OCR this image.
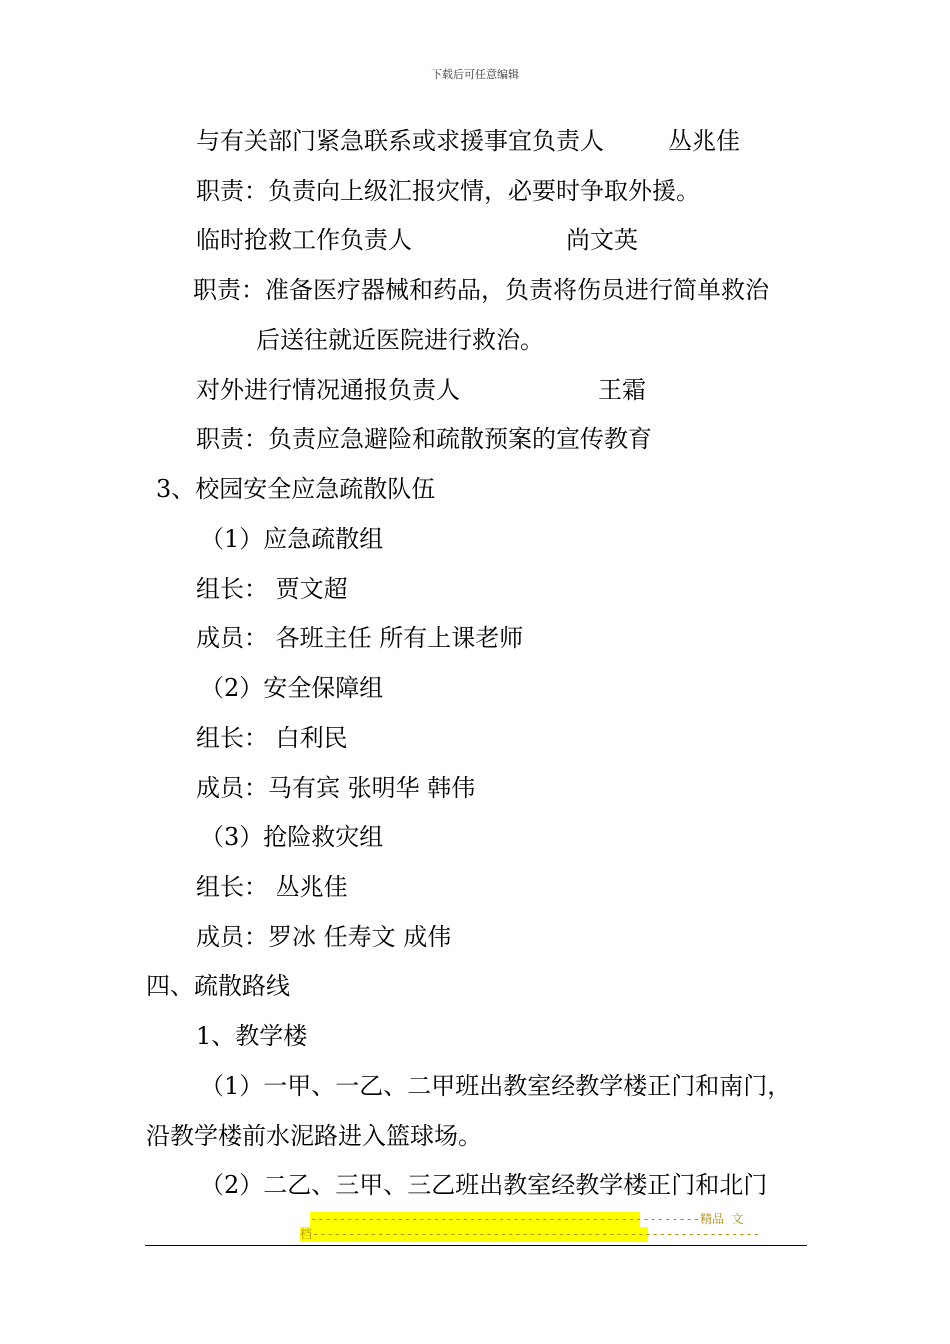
下载后可任意编辑
与有关部门紧急联系或求援事宜负责人	丛兆佳
职责：负责向上级汇报灾情，必要时争取外援。
临时抢救工作负责人	尚文英
职责：准备医疗器械和药品，负责将伤员进行简单救治
后送往就近医院进行救治。
对外进行情况通报负责人	王霜
职责：负责应急避险和疏散预案的宣传教育
3、校园安全应急疏散队伍
（1）应急疏散组
组长： 贾文超
成员： 各班主任 所有上课老师
（2）安全保障组
组长： 白利民
成员：马有宾 张明华 韩伟
（3）抢险救灾组
组长： 丛兆佳
成员：罗冰 任寿文 成伟
四、疏散路线
1、教学楼
（1）一甲、一乙、二甲班出教室经教学楼正门和南门，
沿教学楼前水泥路进入篮球场。
（2）二乙、三甲、三乙班出教室经教学楼正门和北门
------------------------------------------------------精品 文
档--------------------------------------------------------------
